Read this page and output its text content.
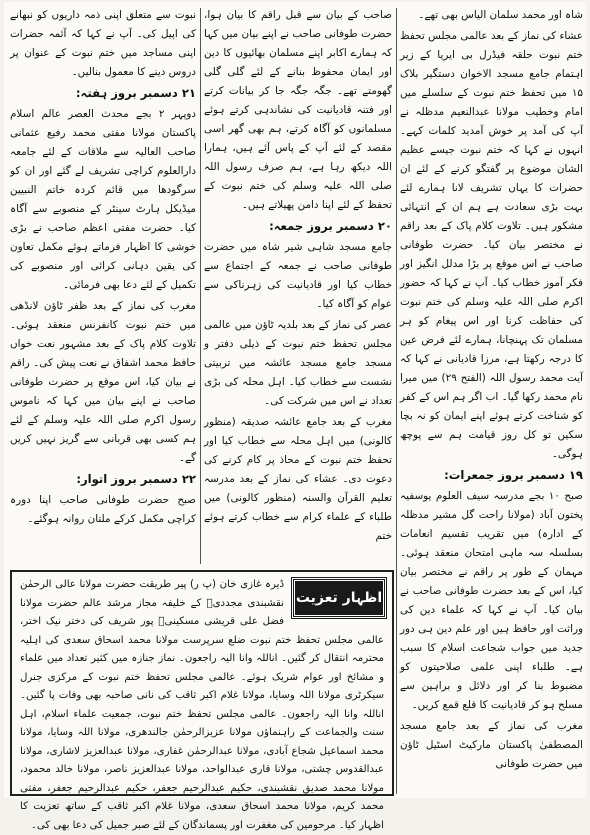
شاہ اور محمد سلمان الیاس بھی تھے۔

عشاء کی نماز کے بعد عالمی مجلس تحفظ ختم نبوت حلقہ فیڈرل بی ایریا کے زیر اہتمام جامع مسجد الاخوان دستگیر بلاک ۱۵ میں تحفظ ختم نبوت کے سلسلے میں امام وخطیب مولانا عبدالنعیم مدظلہ نے آپ کی آمد پر خوش آمدید کلمات کہے۔ انہوں نے کہا کہ ختم نبوت جیسے عظیم الشان موضوع پر گفتگو کرنے کے لئے ان حضرات کا یہاں تشریف لانا ہمارے لئے بہت بڑی سعادت ہے ہم ان کے انتہائی مشکور ہیں۔ تلاوت کلام پاک کے بعد راقم نے مختصر بیان کیا۔ حضرت طوفانی صاحب نے اس موقع پر بڑا مدلل انگیز اور فکر آموز خطاب کیا۔ آپ نے کہا کہ حضور اکرم صلی اللہ علیہ وسلم کی ختم نبوت کی حفاظت کرنا اور اس پیغام کو ہر مسلمان تک پہنچانا، ہمارے لئے فرض عین کا درجہ رکھتا ہے، مرزا قادیانی نے کہا کہ آیت محمد رسول اللہ (الفتح ۲۹) میں میرا نام محمد رکھا گیا۔ اب اگر ہم اس کے کفر کو شناخت کرتے ہوئے اپنے ایمان کو نہ بچا سکیں تو کل روز قیامت ہم سے پوچھ ہوگی۔

۱۹ دسمبر بروز جمعرات:

صبح ۱۰ بجے مدرسہ سیف العلوم یوسفیہ پختون آباد (مولانا راحت گل مشیر مدظلہ کے ادارہ) میں تقریب تقسیم انعامات بسلسلہ سہ ماہی امتحان منعقد ہوئی۔ مہمان کے طور پر راقم نے مختصر بیان کیا، اس کے بعد حضرت طوفانی صاحب نے بیان کیا۔ آپ نے کہا کہ علماء دین کی وراثت اور حافظ ہیں اور علم دین ہی دور جدید میں جواب شجاعت اسلام کا سبب ہے۔ طلباء اپنی علمی صلاحیتوں کو مضبوط بنا کر اور دلائل و براہین سے مسلح ہو کر قادیانیت کا قلع قمع کریں۔

مغرب کی نماز کے بعد جامع مسجد المصطفیٰ پاکستان مارکیٹ اسٹیل ٹاؤن میں حضرت طوفانی

صاحب کے بیان سے قبل راقم کا بیان ہوا، حضرت طوفانی صاحب نے اپنے بیان میں کہا کہ ہمارے اکابر اپنے مسلمان بھائیوں کا دین اور ایمان محفوظ بنانے کے لئے گلی گلی گھومتے تھے۔ جگہ جگہ جا کر بیانات کرتے اور فتنہ قادیانیت کی نشاندہی کرتے ہوئے مسلمانوں کو آگاہ کرتے، ہم بھی گھر اسی مقصد کے لئے آپ کے پاس آئے ہیں، ہمارا اللہ دیکھ رہا ہے، ہم صرف رسول اللہ صلی اللہ علیہ وسلم کی ختم نبوت کے تحفظ کے لئے اپنا دامن پھیلاتے ہیں۔

۲۰ دسمبر بروز جمعہ:

جامع مسجد شاہی شیر شاہ میں حضرت طوفانی صاحب نے جمعہ کے اجتماع سے خطاب کیا اور قادیانیت کی زہرناکی سے عوام کو آگاہ کیا۔

عصر کی نماز کے بعد بلدیہ ٹاؤن میں عالمی مجلس تحفظ ختم نبوت کے ذیلی دفتر و مسجد جامع مسجد عائشہ میں تربیتی نشست سے خطاب کیا۔ اہل محلہ کی بڑی تعداد نے اس میں شرکت کی۔

مغرب کے بعد جامع عائشہ صدیقہ (منظور کالونی) میں اہل محلہ سے خطاب کیا اور تحفظ ختم نبوت کے محاذ پر کام کرنے کی دعوت دی۔ عشاء کی نماز کے بعد مدرسہ تعلیم القرآن والسنہ (منظور کالونی) میں طلباء کے علماء کرام سے خطاب کرتے ہوئے ختم

نبوت سے متعلق اپنی ذمہ داریوں کو نبھانے کی اپیل کی۔ آپ نے کہا کہ آئمہ حضرات اپنی مساجد میں ختم نبوت کے عنوان پر دروس دینے کا معمول بنالیں۔

۲۱ دسمبر بروز ہفتہ:

دوپہر ۲ بجے محدث العصر عالم اسلام پاکستان مولانا مفتی محمد رفیع عثمانی صاحب العالیہ سے ملاقات کے لئے جامعہ دارالعلوم کراچی تشریف لے گئے اور ان کو سرگودھا میں قائم کردہ خاتم النبیین میڈیکل ہارٹ سینٹر کے منصوبے سے آگاہ کیا۔ حضرت مفتی اعظم صاحب نے بڑی خوشی کا اظہار فرماتے ہوئے مکمل تعاون کی یقین دہانی کرائی اور منصوبے کی تکمیل کے لئے دعا بھی فرمائی۔

مغرب کی نماز کے بعد ظفر ٹاؤن لانڈھی میں ختم نبوت کانفرنس منعقد ہوئی۔ تلاوت کلام پاک کے بعد مشہور نعت خواں حافظ محمد اشفاق نے نعت پیش کی۔ راقم نے بیان کیا، اس موقع پر حضرت طوفانی صاحب نے اپنے بیان میں کہا کہ ناموس رسول اکرم صلی اللہ علیہ وسلم کے لئے ہم کسی بھی قربانی سے گریز نہیں کریں گے۔

۲۲ دسمبر بروز اتوار:

صبح حضرت طوفانی صاحب اپنا دورہ کراچی مکمل کرکے ملتان روانہ ہوگئے۔

اظہار تعزیت
ڈیرہ غازی خان (پ ر) پیر طریقت حضرت مولانا عالی الرحمٰن نقشبندی مجددیؒ کے خلیفہ مجاز مرشد عالم حضرت مولانا فضل علی قریشی مسکینیؒ پور شریف کی دختر نیک اختر، عالمی مجلس تحفظ ختم نبوت ضلع سرپرست مولانا محمد اسحاق سعدی کی اہلیہ محترمہ انتقال کر گئیں۔ اناللہ وانا الیہ راجعون۔ نماز جنازہ میں کثیر تعداد میں علماء و مشائخ اور عوام شریک ہوئے۔ عالمی مجلس تحفظ ختم نبوت کے مرکزی جنرل سیکرٹری مولانا اللہ وسایا، مولانا غلام اکبر ثاقب کی نانی صاحبہ بھی وفات پا گئیں۔ اناللہ وانا الیہ راجعون۔ عالمی مجلس تحفظ ختم نبوت، جمعیت علماء اسلام، اہل سنت والجماعت کے راہنماؤں مولانا عزیزالرحمٰن جالندھری، مولانا اللہ وسایا، مولانا محمد اسماعیل شجاع آبادی، مولانا عبدالرحمٰن غفاری، مولانا عبدالعزیز لاشاری، مولانا عبدالقدوس چشتی، مولانا قاری عبدالواحد، مولانا عبدالعزیز ناصر، مولانا خالد محمود، مولانا محمد صدیق نقشبندی، حکیم عبدالرحیم جعفر، حکیم عبدالرحیم جعفر، مفتی محمد کریم، مولانا محمد اسحاق سعدی، مولانا غلام اکبر ثاقب کے ساتھ تعزیت کا اظہار کیا۔ مرحومین کی مغفرت اور پسماندگان کے لئے صبر جمیل کی دعا بھی کی۔
